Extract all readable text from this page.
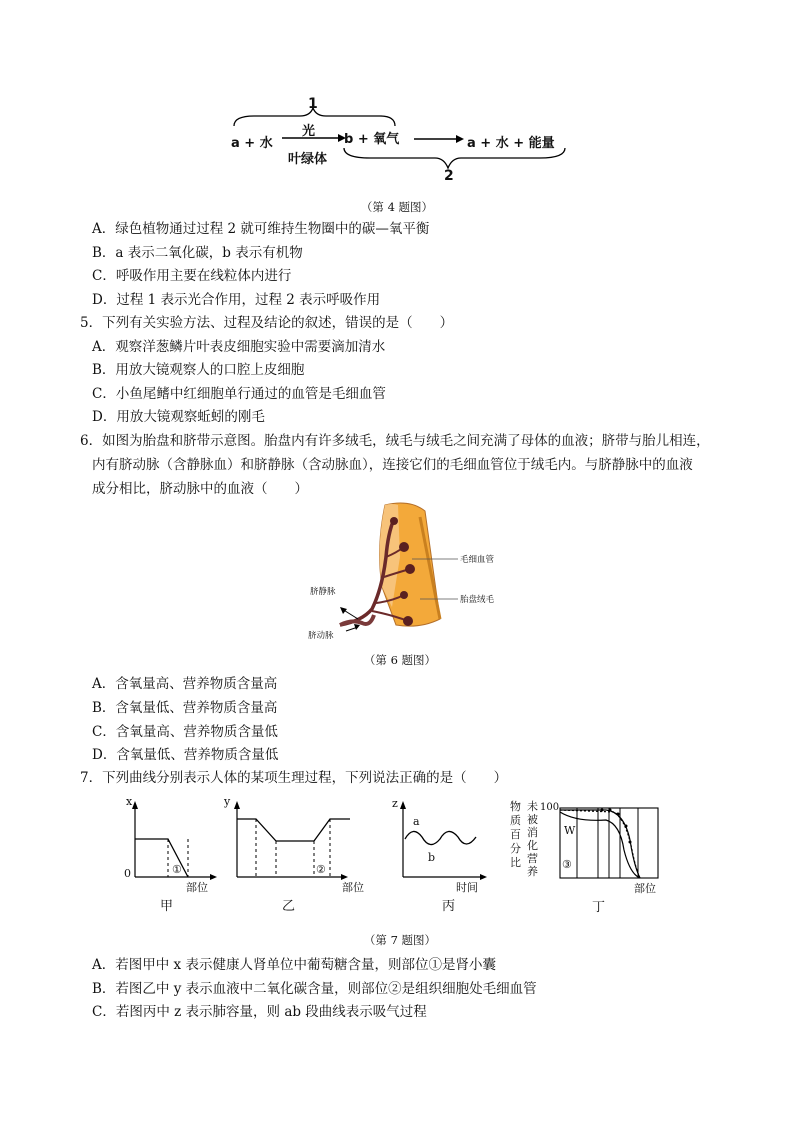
1
a + 水
光
叶绿体
b + 氧气	a + 水 + 能量
2
（第 4 题图）
A．绿色植物通过过程 2 就可维持生物圈中的碳—氧平衡
B．a 表示二氧化碳，b 表示有机物
C．呼吸作用主要在线粒体内进行
D．过程 1 表示光合作用，过程 2 表示呼吸作用
5．下列有关实验方法、过程及结论的叙述，错误的是（　　）
A．观察洋葱鳞片叶表皮细胞实验中需要滴加清水
B．用放大镜观察人的口腔上皮细胞
C．小鱼尾鳍中红细胞单行通过的血管是毛细血管
D．用放大镜观察蚯蚓的刚毛
6．如图为胎盘和脐带示意图。胎盘内有许多绒毛，绒毛与绒毛之间充满了母体的血液；脐带与胎儿相连，
内有脐动脉（含静脉血）和脐静脉（含动脉血），连接它们的毛细血管位于绒毛内。与脐静脉中的血液
成分相比，脐动脉中的血液（　　）
毛细血管
胎盘绒毛
脐静脉
脐动脉
（第 6 题图）
A．含氧量高、营养物质含量高
B．含氧量低、营养物质含量高
C．含氧量高、营养物质含量低
D．含氧量低、营养物质含量低
7．下列曲线分别表示人体的某项生理过程，下列说法正确的是（　　）
x
0	①
部位
甲
y
②
部位
乙
z
a
b
时间
丙
物质百分比
未被消化营养
100
W
③
部位
丁
（第 7 题图）
A．若图甲中 x 表示健康人肾单位中葡萄糖含量，则部位①是肾小囊
B．若图乙中 y 表示血液中二氧化碳含量，则部位②是组织细胞处毛细血管
C．若图丙中 z 表示肺容量，则 ab 段曲线表示吸气过程
